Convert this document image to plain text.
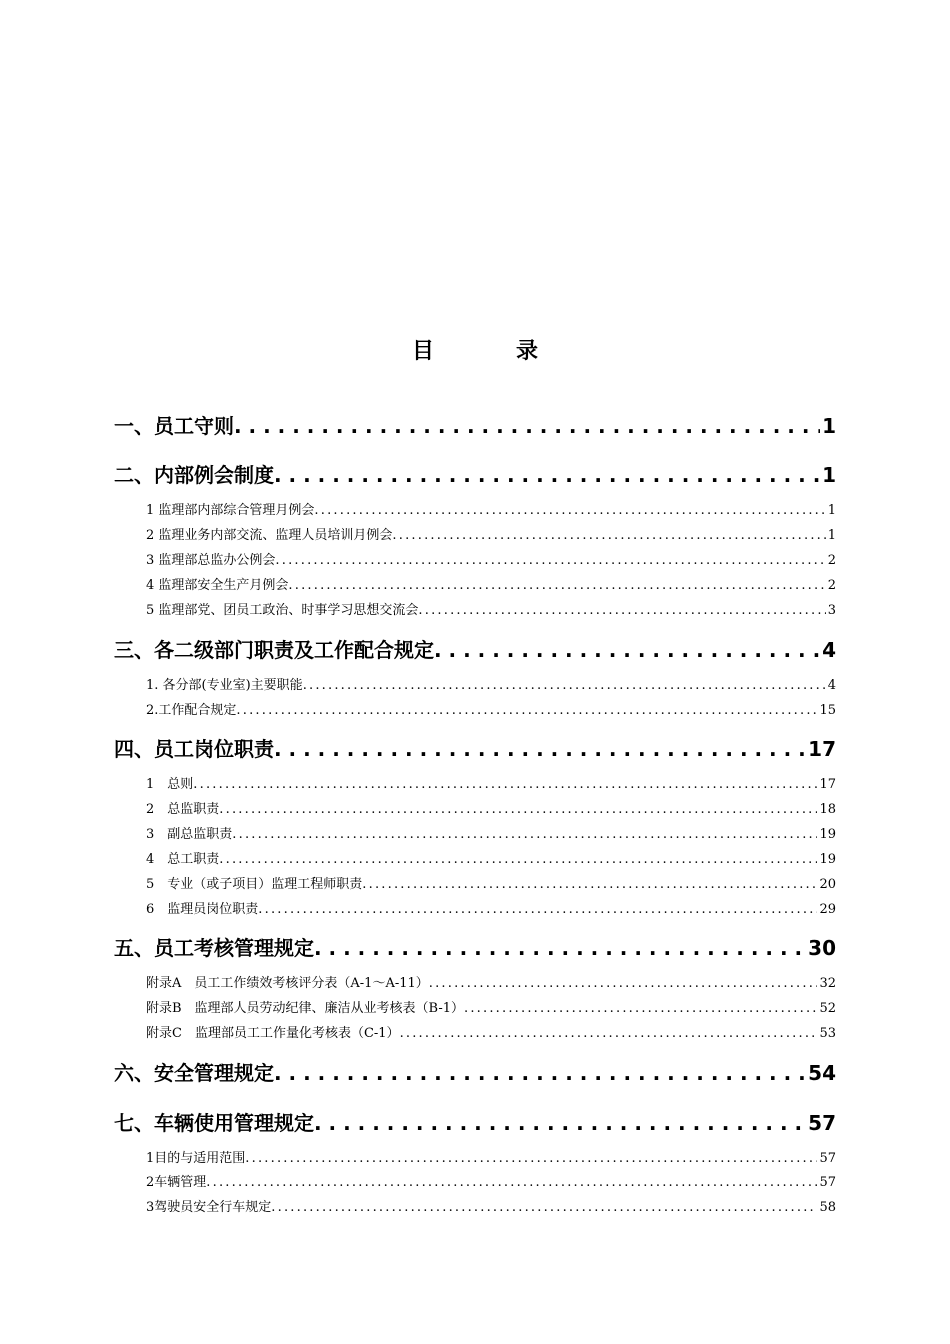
目　录
一、员工守则 . . .	1
二、内部例会制度 . . .	1
1 监理部内部综合管理月例会 .....	1
2 监理业务内部交流、监理人员培训月例会 .....	1
3 监理部总监办公例会 .....	2
4 监理部安全生产月例会 .....	2
5 监理部党、团员工政治、时事学习思想交流会 .....	3
三、各二级部门职责及工作配合规定 . . .	4
1. 各分部(专业室)主要职能 .....	4
2.工作配合规定 .....	15
四、员工岗位职责 . . .	17
1　总则 .....	17
2　总监职责 .....	18
3　副总监职责 .....	19
4　总工职责 .....	19
5　专业（或子项目）监理工程师职责 .....	20
6　监理员岗位职责 .....	29
五、员工考核管理规定 . . .	30
附录A　员工工作绩效考核评分表（A-1～A-11） .....	32
附录B　监理部人员劳动纪律、廉洁从业考核表（B-1） .....	52
附录C　监理部员工工作量化考核表（C-1） .....	53
六、安全管理规定 . . .	54
七、车辆使用管理规定 . . .	57
1目的与适用范围 .....	57
2车辆管理 .....	57
3驾驶员安全行车规定 .....	58
